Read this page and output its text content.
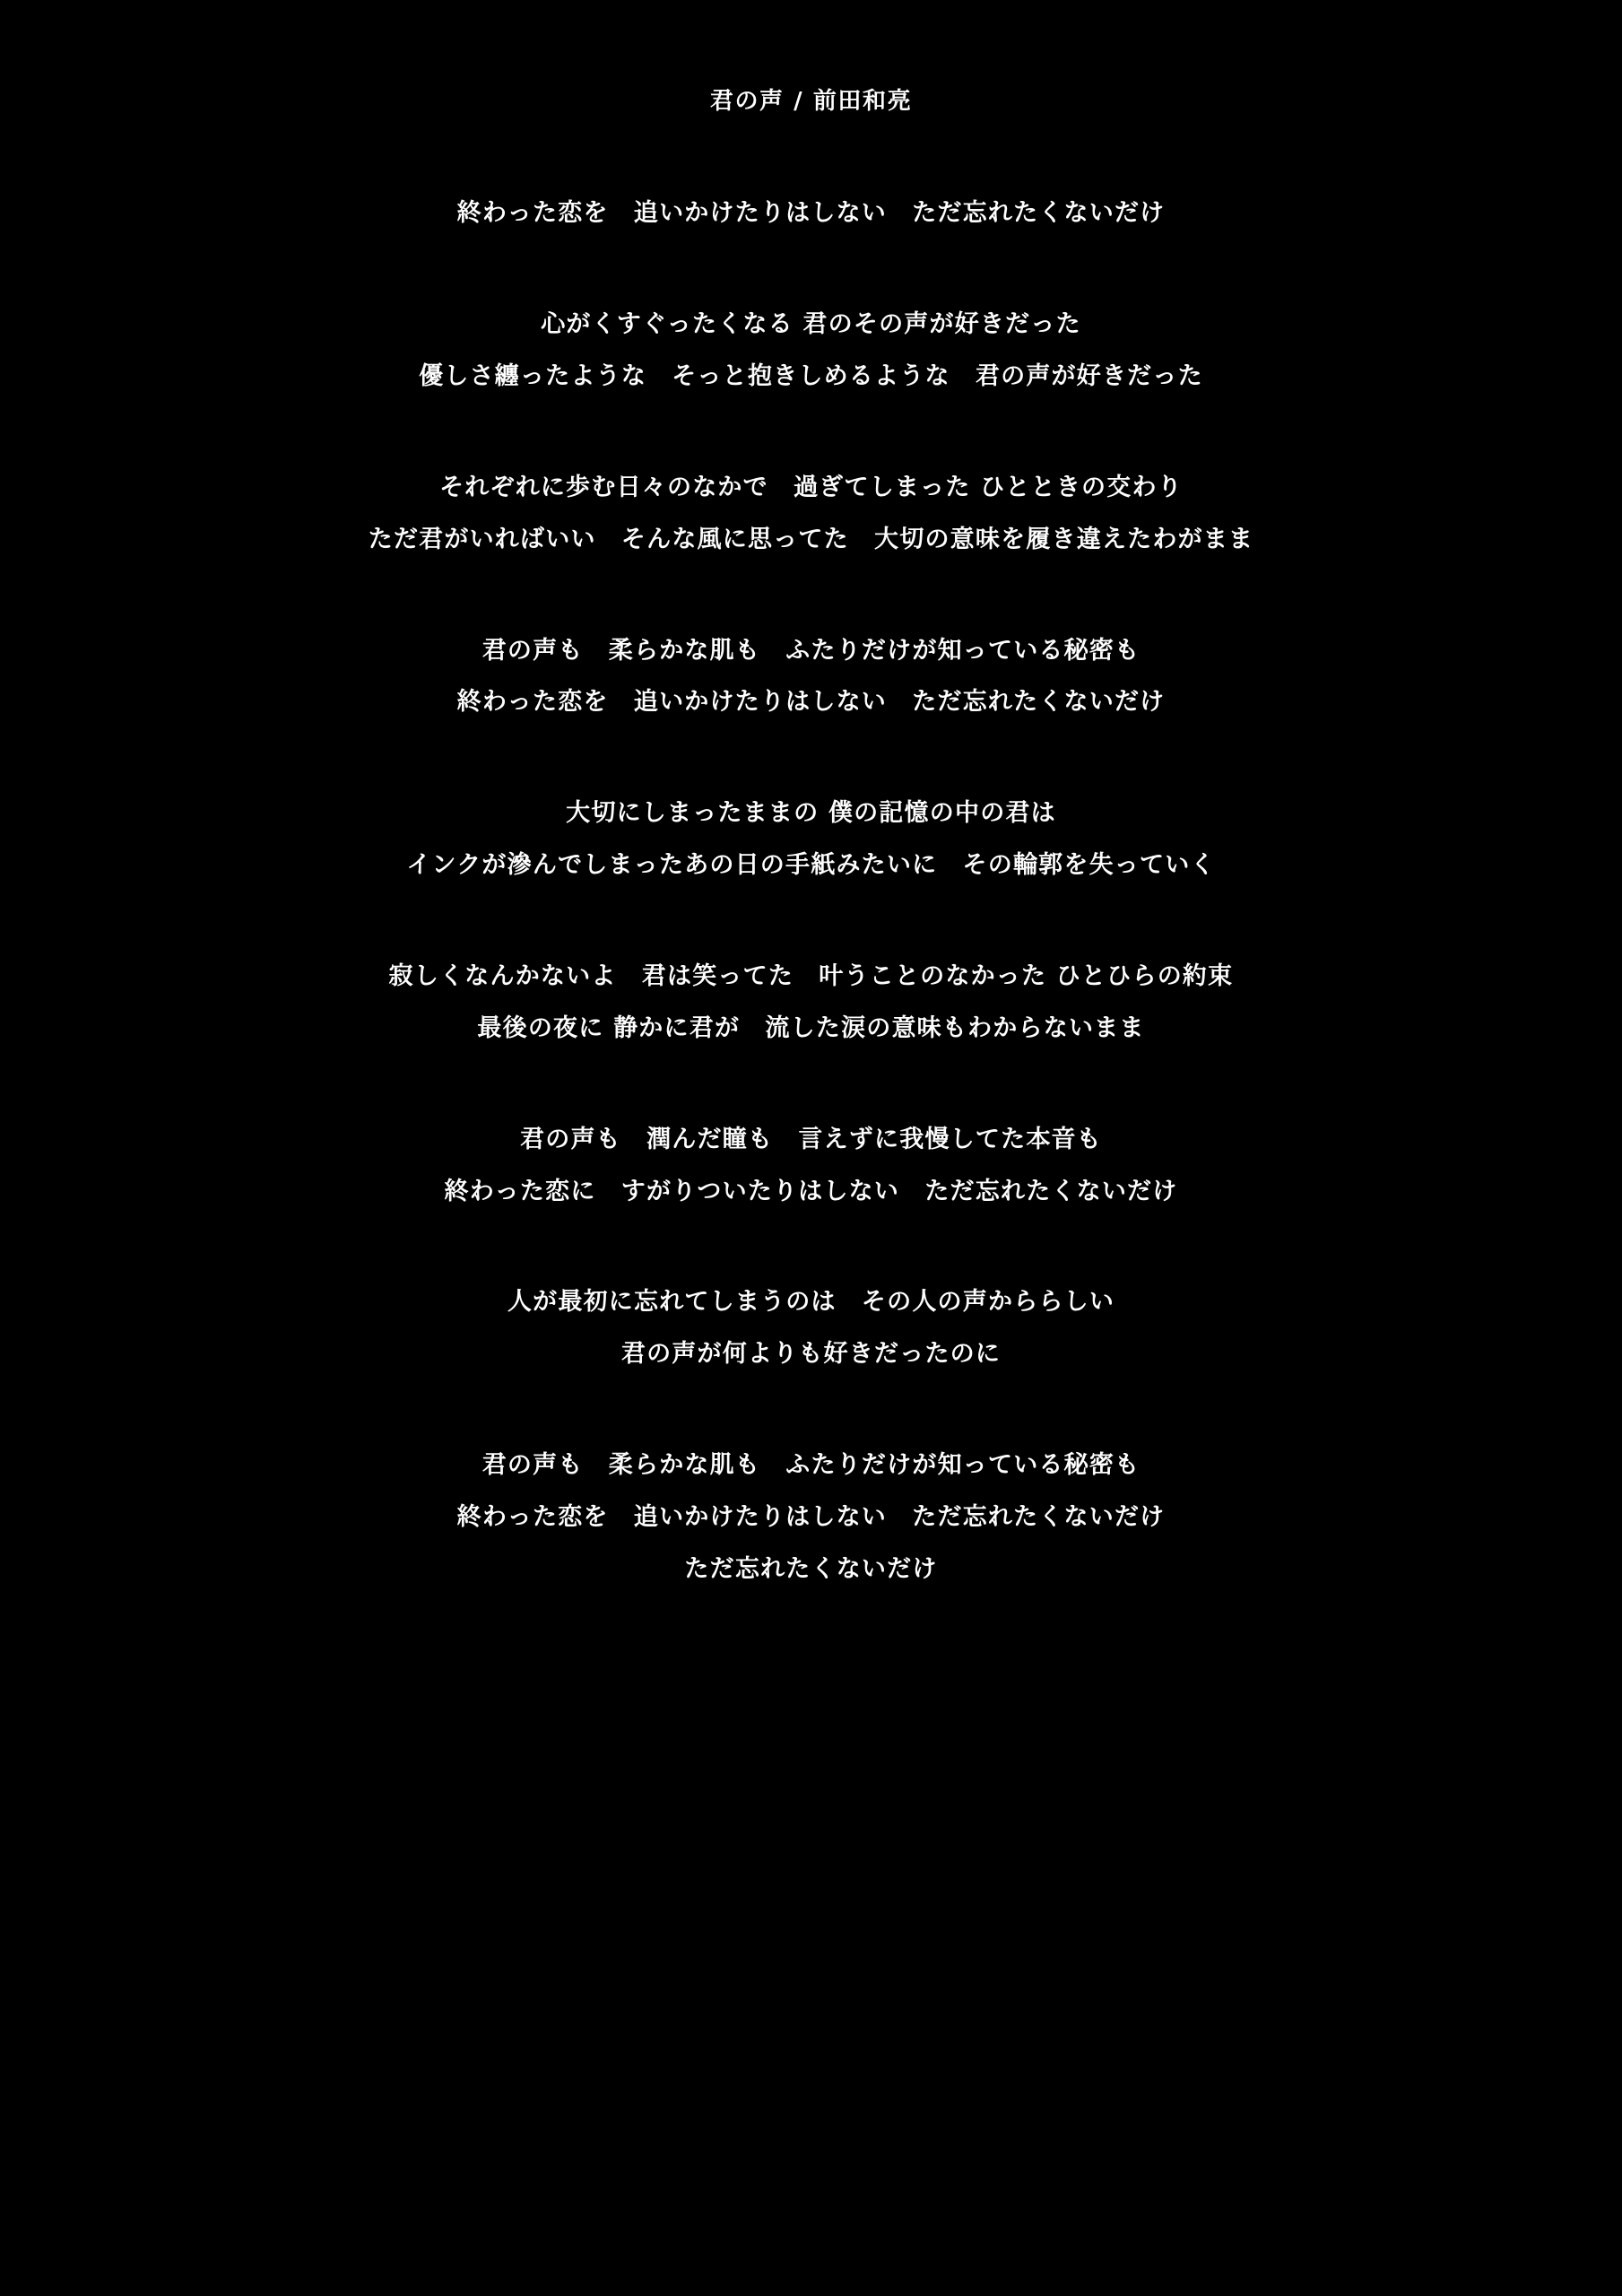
君の声 / 前田和亮
終わった恋を　追いかけたりはしない　ただ忘れたくないだけ
心がくすぐったくなる 君のその声が好きだった
優しさ纏ったような　そっと抱きしめるような　君の声が好きだった
それぞれに歩む日々のなかで　過ぎてしまった ひとときの交わり
ただ君がいればいい　そんな風に思ってた　大切の意味を履き違えたわがまま
君の声も　柔らかな肌も　ふたりだけが知っている秘密も
終わった恋を　追いかけたりはしない　ただ忘れたくないだけ
大切にしまったままの 僕の記憶の中の君は
インクが滲んでしまったあの日の手紙みたいに　その輪郭を失っていく
寂しくなんかないよ　君は笑ってた　叶うことのなかった ひとひらの約束
最後の夜に 静かに君が　流した涙の意味もわからないまま
君の声も　潤んだ瞳も　言えずに我慢してた本音も
終わった恋に　すがりついたりはしない　ただ忘れたくないだけ
人が最初に忘れてしまうのは　その人の声かららしい
君の声が何よりも好きだったのに
君の声も　柔らかな肌も　ふたりだけが知っている秘密も
終わった恋を　追いかけたりはしない　ただ忘れたくないだけ
ただ忘れたくないだけ
